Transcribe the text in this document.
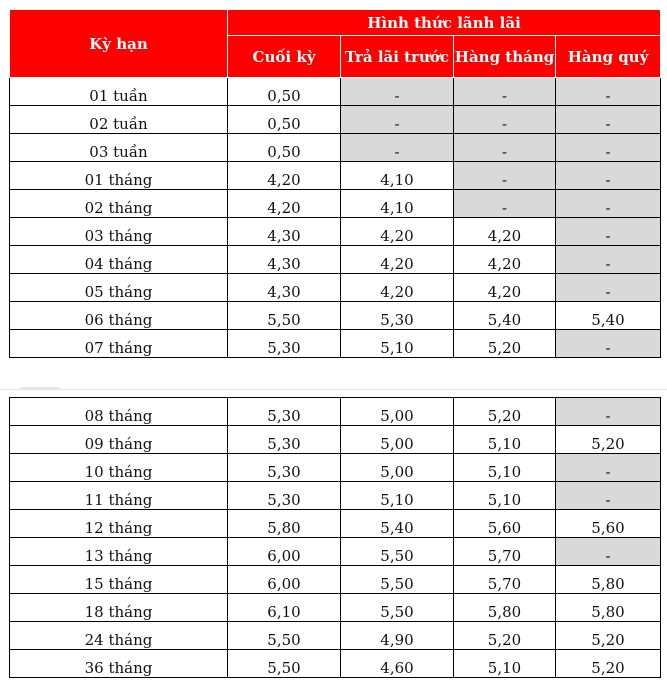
Kỳ hạn	Hình thức lãnh lãi			
	Cuối kỳ	Trả lãi trước	Hàng tháng	Hàng quý
01 tuần	0,50	-	-	-
02 tuần	0,50	-	-	-
03 tuần	0,50	-	-	-
01 tháng	4,20	4,10	-	-
02 tháng	4,20	4,10	-	-
03 tháng	4,30	4,20	4,20	-
04 tháng	4,30	4,20	4,20	-
05 tháng	4,30	4,20	4,20	-
06 tháng	5,50	5,30	5,40	5,40
07 tháng	5,30	5,10	5,20	-
08 tháng	5,30	5,00	5,20	-
09 tháng	5,30	5,00	5,10	5,20
10 tháng	5,30	5,00	5,10	-
11 tháng	5,30	5,10	5,10	-
12 tháng	5,80	5,40	5,60	5,60
13 tháng	6,00	5,50	5,70	-
15 tháng	6,00	5,50	5,70	5,80
18 tháng	6,10	5,50	5,80	5,80
24 tháng	5,50	4,90	5,20	5,20
36 tháng	5,50	4,60	5,10	5,20
